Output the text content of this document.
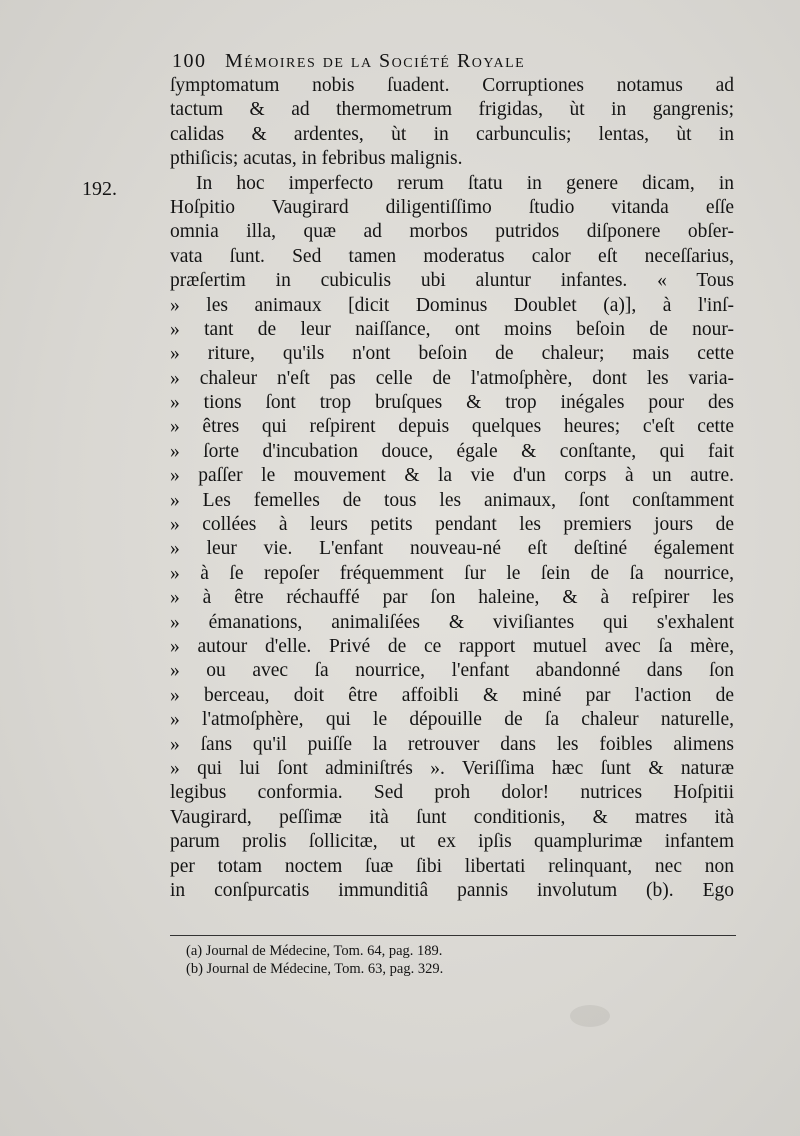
100 Mémoires de la Société Royale
192.
ſymptomatum nobis ſuadent. Corruptiones notamus ad
tactum & ad thermometrum frigidas, ùt in gangrenis;
calidas & ardentes, ùt in carbunculis; lentas, ùt in
pthiſicis; acutas, in febribus malignis.
In hoc imperfecto rerum ſtatu in genere dicam, in
Hoſpitio Vaugirard diligentiſſimo ſtudio vitanda eſſe
omnia illa, quæ ad morbos putridos diſponere obſer-
vata ſunt. Sed tamen moderatus calor eſt neceſſarius,
præſertim in cubiculis ubi aluntur infantes. « Tous
» les animaux [dicit Dominus Doublet (a)], à l'inſ-
» tant de leur naiſſance, ont moins beſoin de nour-
» riture, qu'ils n'ont beſoin de chaleur; mais cette
» chaleur n'eſt pas celle de l'atmoſphère, dont les varia-
» tions ſont trop bruſques & trop inégales pour des
» êtres qui reſpirent depuis quelques heures; c'eſt cette
» ſorte d'incubation douce, égale & conſtante, qui fait
» paſſer le mouvement & la vie d'un corps à un autre.
» Les femelles de tous les animaux, ſont conſtamment
» collées à leurs petits pendant les premiers jours de
» leur vie. L'enfant nouveau-né eſt deſtiné également
» à ſe repoſer fréquemment ſur le ſein de ſa nourrice,
» à être réchauffé par ſon haleine, & à reſpirer les
» émanations, animaliſées & viviſiantes qui s'exhalent
» autour d'elle. Privé de ce rapport mutuel avec ſa mère,
» ou avec ſa nourrice, l'enfant abandonné dans ſon
» berceau, doit être affoibli & miné par l'action de
» l'atmoſphère, qui le dépouille de ſa chaleur naturelle,
» ſans qu'il puiſſe la retrouver dans les foibles alimens
» qui lui ſont adminiſtrés ». Veriſſima hæc ſunt & naturæ
legibus conformia. Sed proh dolor! nutrices Hoſpitii
Vaugirard, peſſimæ ità ſunt conditionis, & matres ità
parum prolis ſollicitæ, ut ex ipſis quamplurimæ infantem
per totam noctem ſuæ ſibi libertati relinquant, nec non
in conſpurcatis immunditiâ pannis involutum (b). Ego
(a) Journal de Médecine, Tom. 64, pag. 189.
(b) Journal de Médecine, Tom. 63, pag. 329.
